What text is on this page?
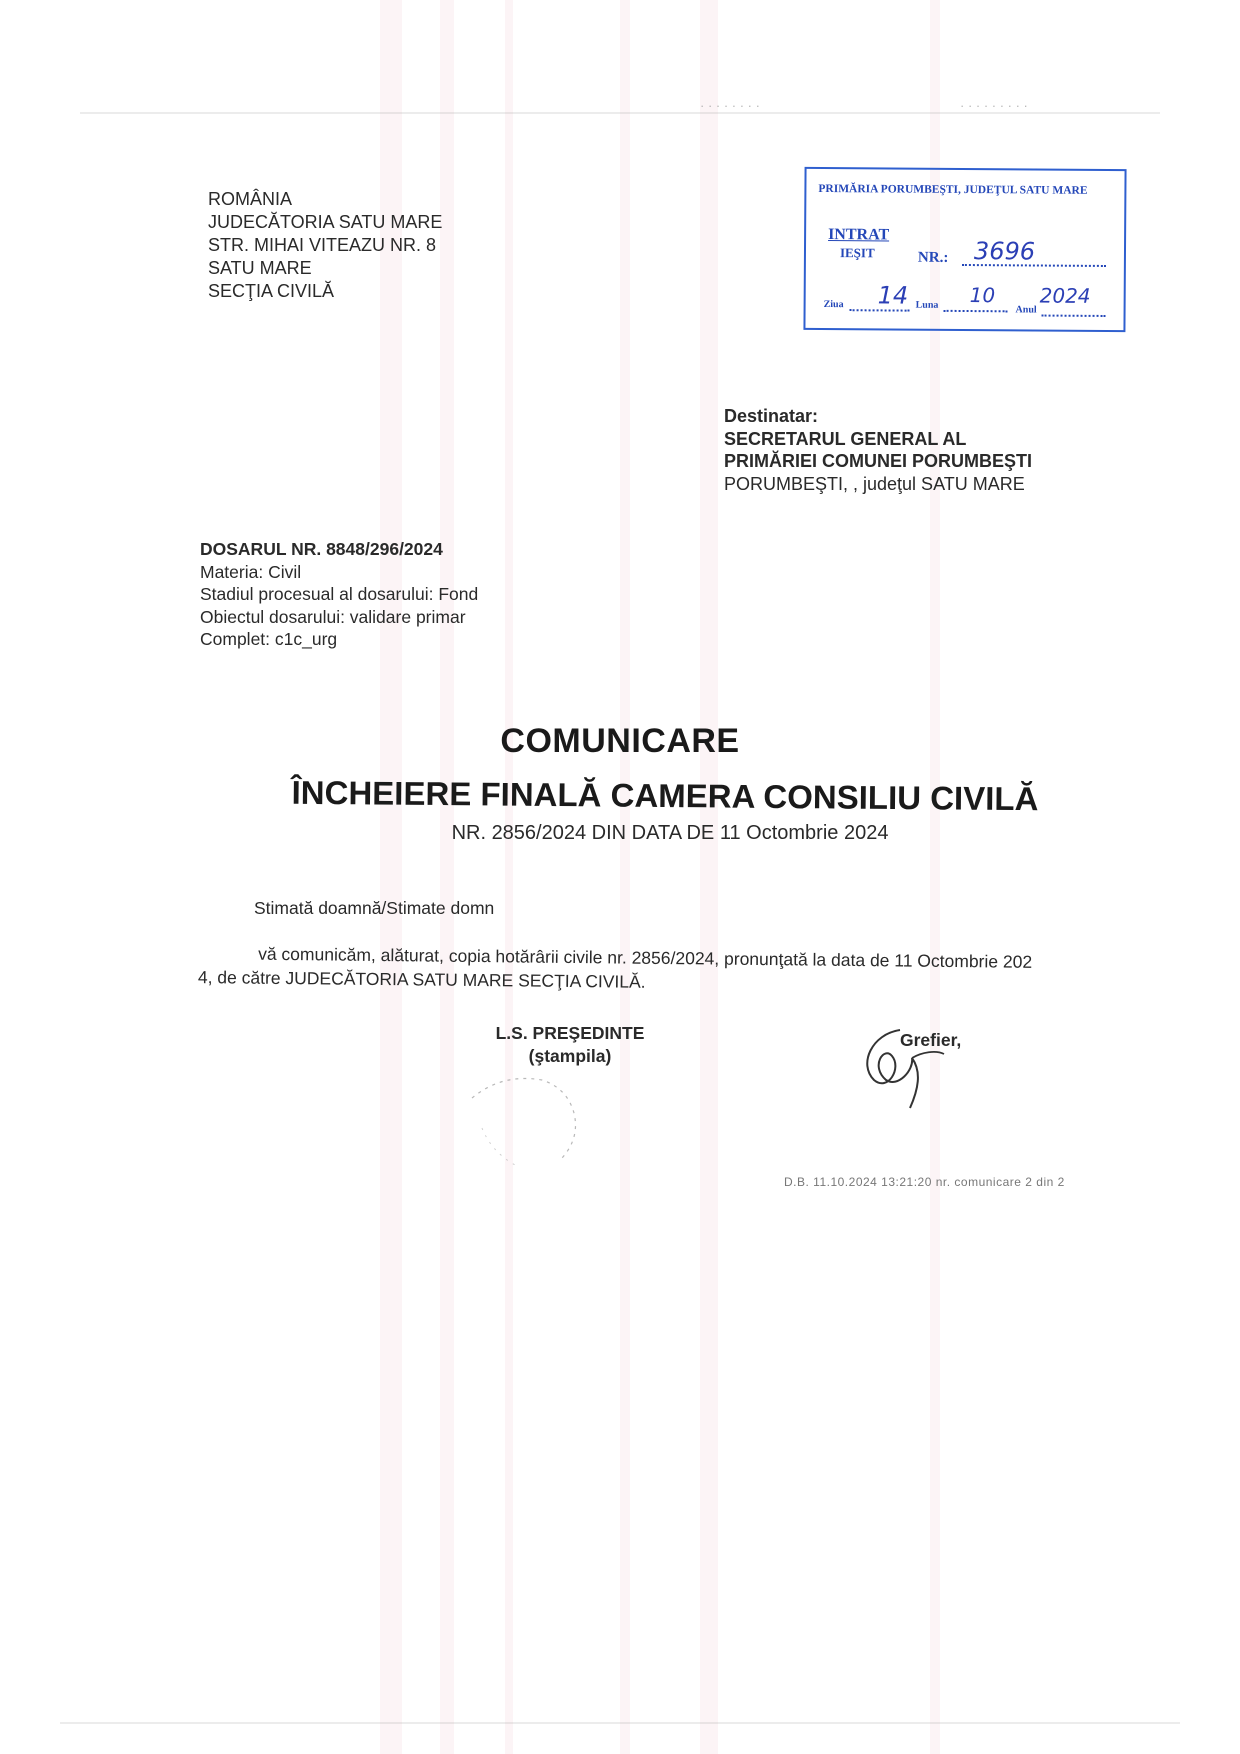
· · · · · · · ·	· · · · · · · · ·
ROMÂNIA
JUDECĂTORIA SATU MARE
STR. MIHAI VITEAZU NR. 8
SATU MARE
SECŢIA CIVILĂ
PRIMĂRIA PORUMBEŞTI, JUDEŢUL SATU MARE
INTRAT
IEŞIT	NR.: 3696
Ziua 14 Luna 10
Anul
2024
Destinatar:
SECRETARUL GENERAL AL
PRIMĂRIEI COMUNEI PORUMBEŞTI
PORUMBEŞTI, , judeţul SATU MARE
DOSARUL NR. 8848/296/2024
Materia: Civil
Stadiul procesual al dosarului: Fond
Obiectul dosarului: validare primar
Complet: c1c_urg
COMUNICARE
ÎNCHEIERE FINALĂ CAMERA CONSILIU CIVILĂ
NR. 2856/2024 DIN DATA DE 11 Octombrie 2024
Stimată doamnă/Stimate domn
vă comunicăm, alăturat, copia hotărârii civile nr. 2856/2024, pronunţată la data de 11 Octombrie 202
4, de către JUDECĂTORIA SATU MARE SECŢIA CIVILĂ.
L.S. PREŞEDINTE
(ştampila)
Grefier,
D.B. 11.10.2024 13:21:20 nr. comunicare 2 din 2
